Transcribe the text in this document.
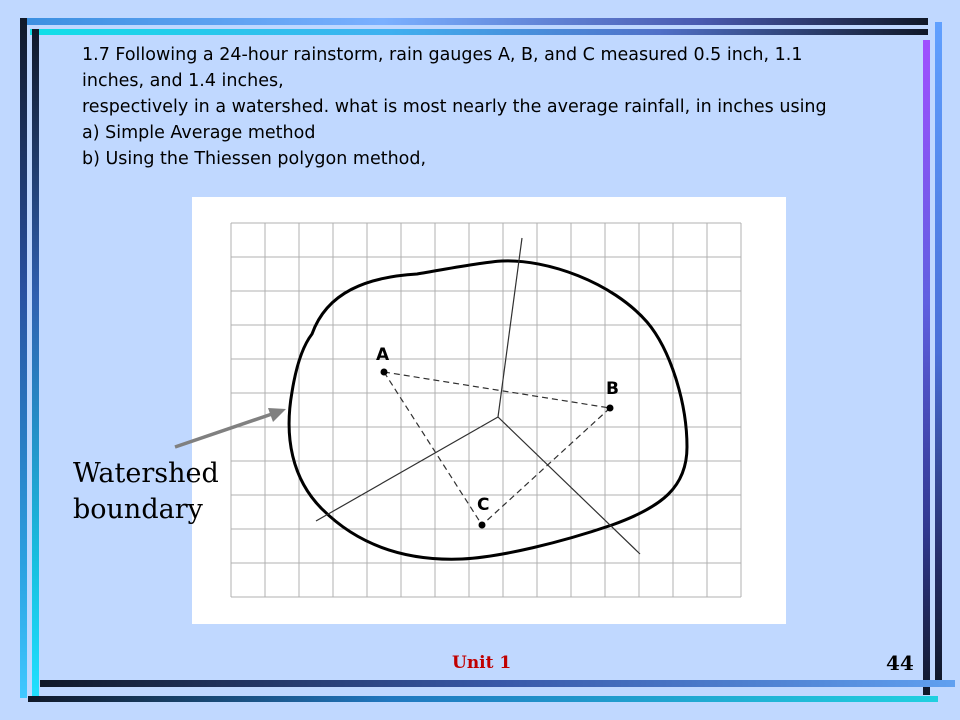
1.7 Following a 24-hour rainstorm, rain gauges A, B, and C measured 0.5 inch, 1.1
inches, and 1.4 inches,
respectively in a watershed. what is most nearly the average rainfall, in inches using
a) Simple Average method
b) Using the Thiessen polygon method,
A
B
C
Watershed
boundary
Unit 1	44
